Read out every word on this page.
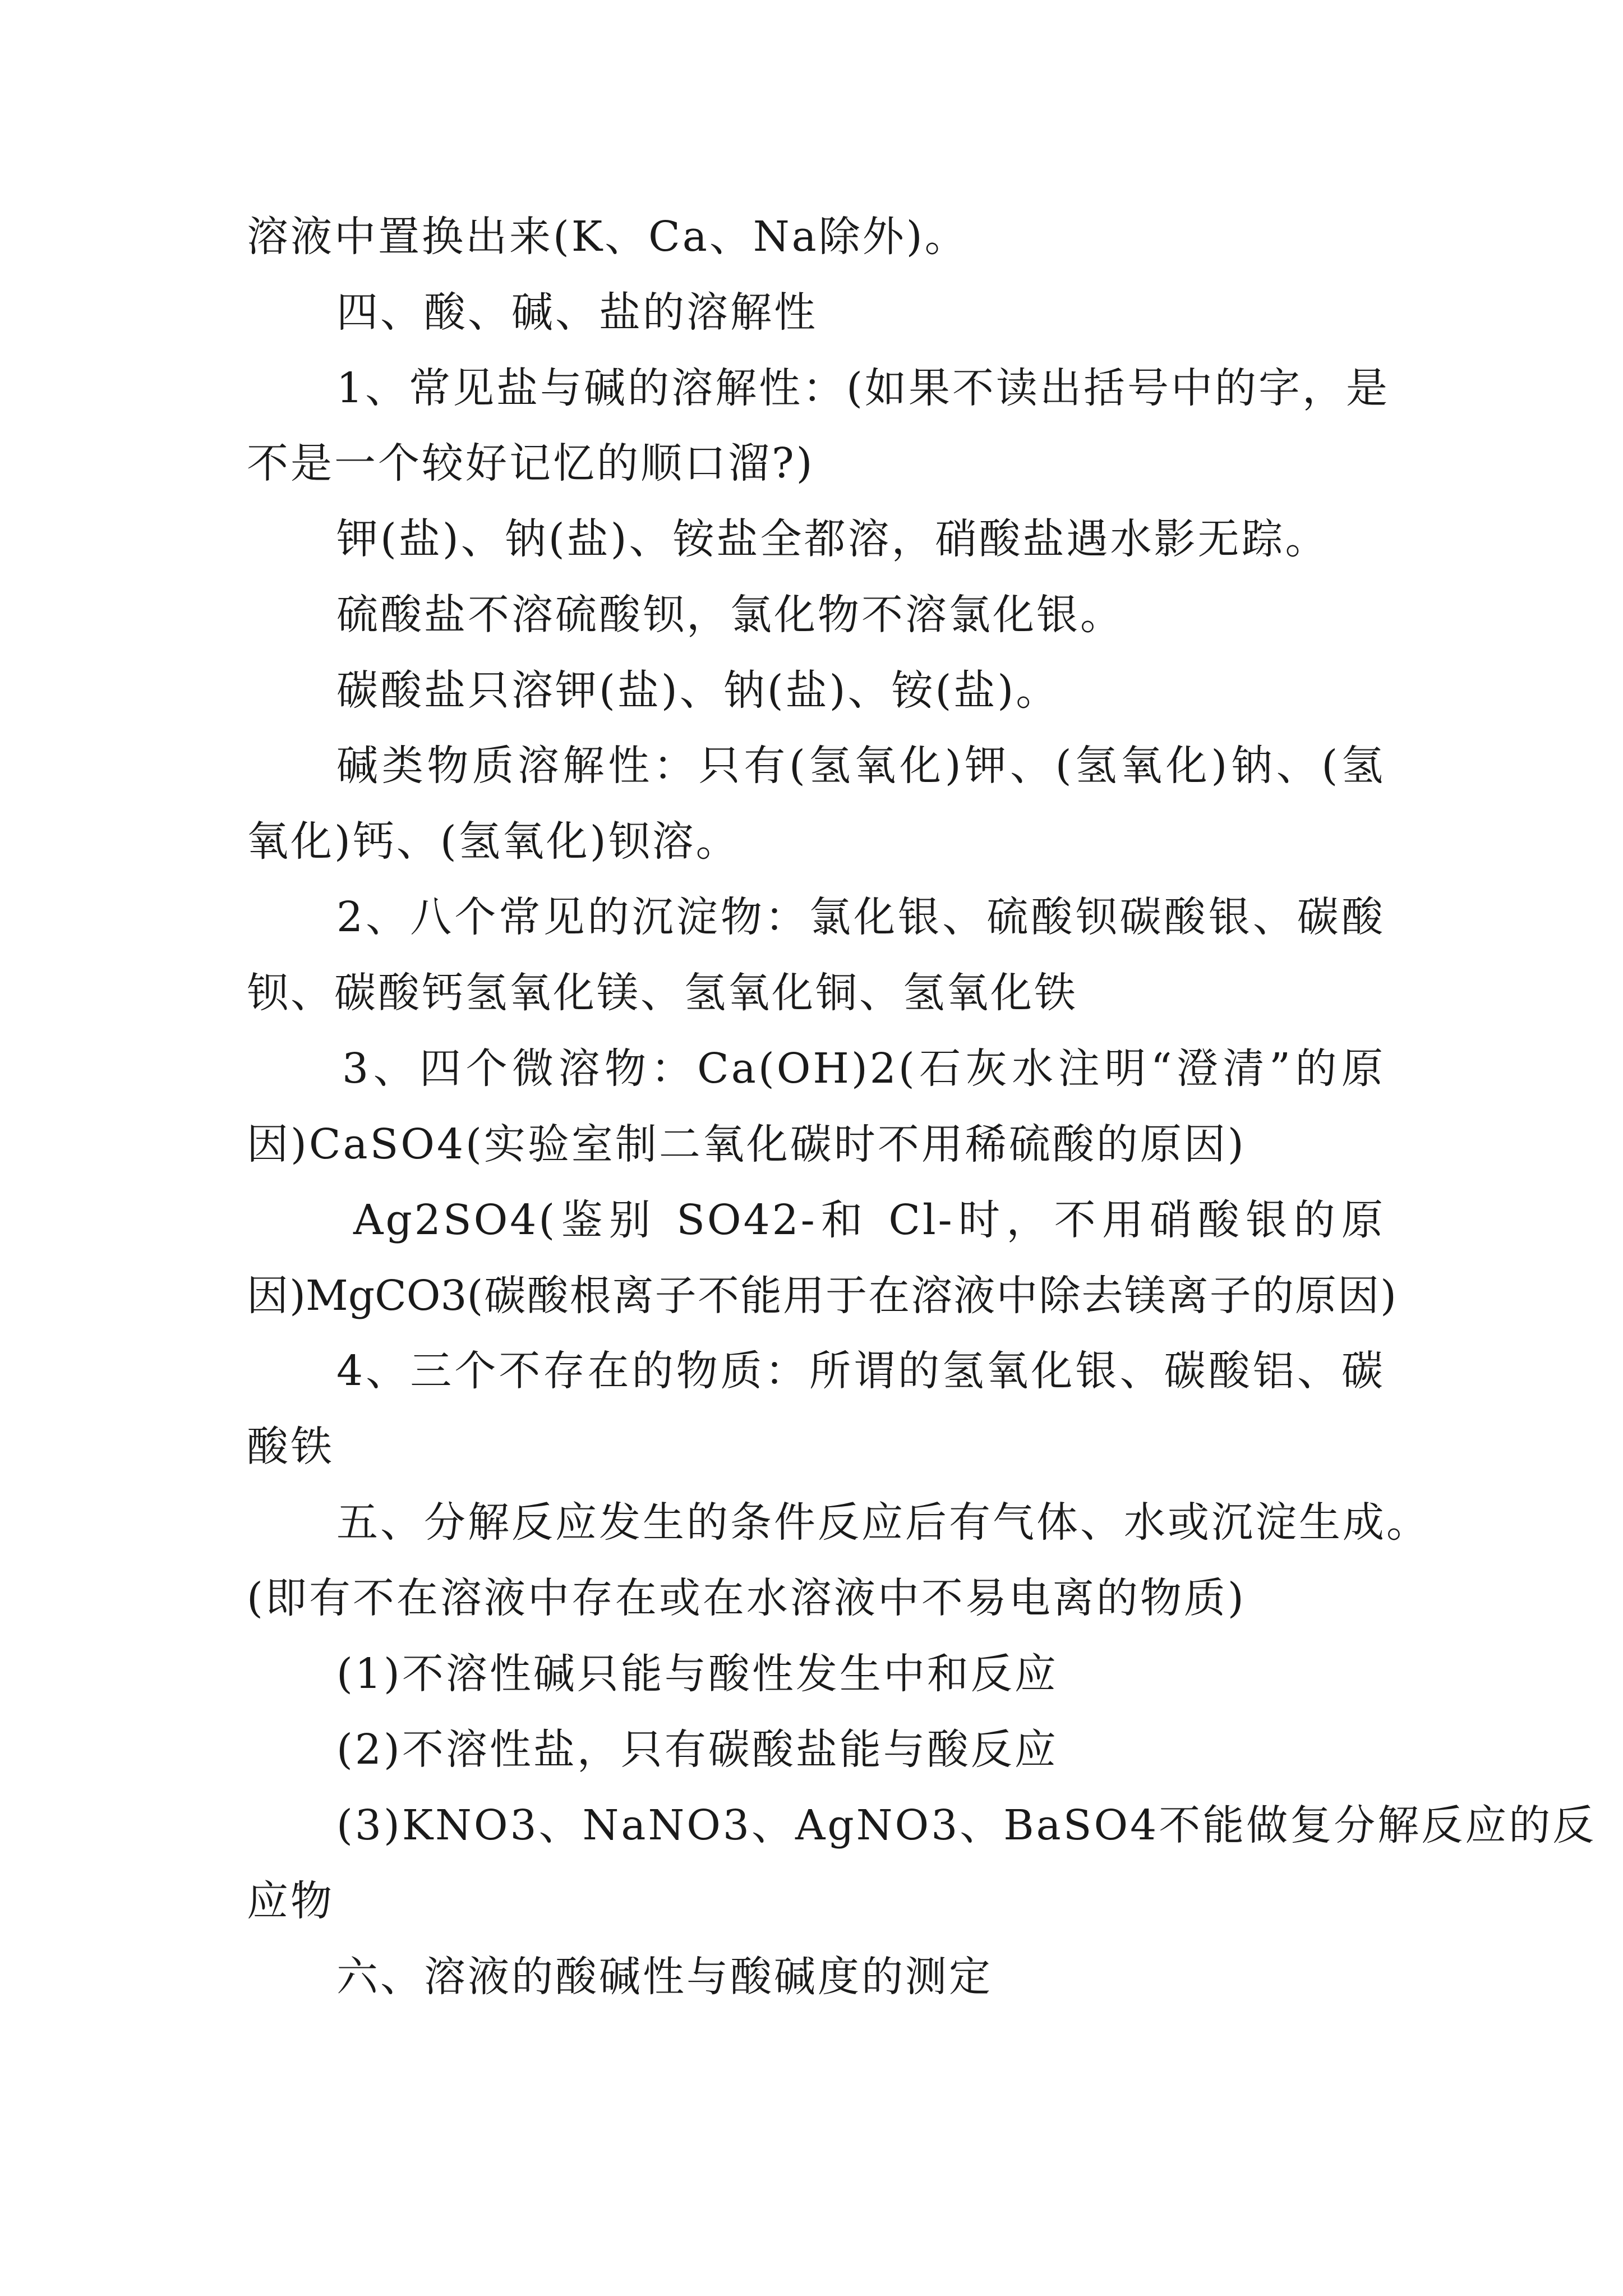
溶液中置换出来(K、Ca、Na除外)。
四、酸、碱、盐的溶解性
1、常见盐与碱的溶解性：(如果不读出括号中的字，是
不是一个较好记忆的顺口溜?)
钾(盐)、钠(盐)、铵盐全都溶，硝酸盐遇水影无踪。
硫酸盐不溶硫酸钡，氯化物不溶氯化银。
碳酸盐只溶钾(盐)、钠(盐)、铵(盐)。
碱类物质溶解性：只有(氢氧化)钾、(氢氧化)钠、(氢
氧化)钙、(氢氧化)钡溶。
2、八个常见的沉淀物：氯化银、硫酸钡碳酸银、碳酸
钡、碳酸钙氢氧化镁、氢氧化铜、氢氧化铁
3、四个微溶物：Ca(OH)2(石灰水注明“澄清”的原
因)CaSO4(实验室制二氧化碳时不用稀硫酸的原因)
Ag2SO4(鉴别 SO42-和 Cl-时，不用硝酸银的原
因)MgCO3(碳酸根离子不能用于在溶液中除去镁离子的原因)
4、三个不存在的物质：所谓的氢氧化银、碳酸铝、碳
酸铁
五、分解反应发生的条件反应后有气体、水或沉淀生成。
(即有不在溶液中存在或在水溶液中不易电离的物质)
(1)不溶性碱只能与酸性发生中和反应
(2)不溶性盐，只有碳酸盐能与酸反应
(3)KNO3、NaNO3、AgNO3、BaSO4不能做复分解反应的反
应物
六、溶液的酸碱性与酸碱度的测定
